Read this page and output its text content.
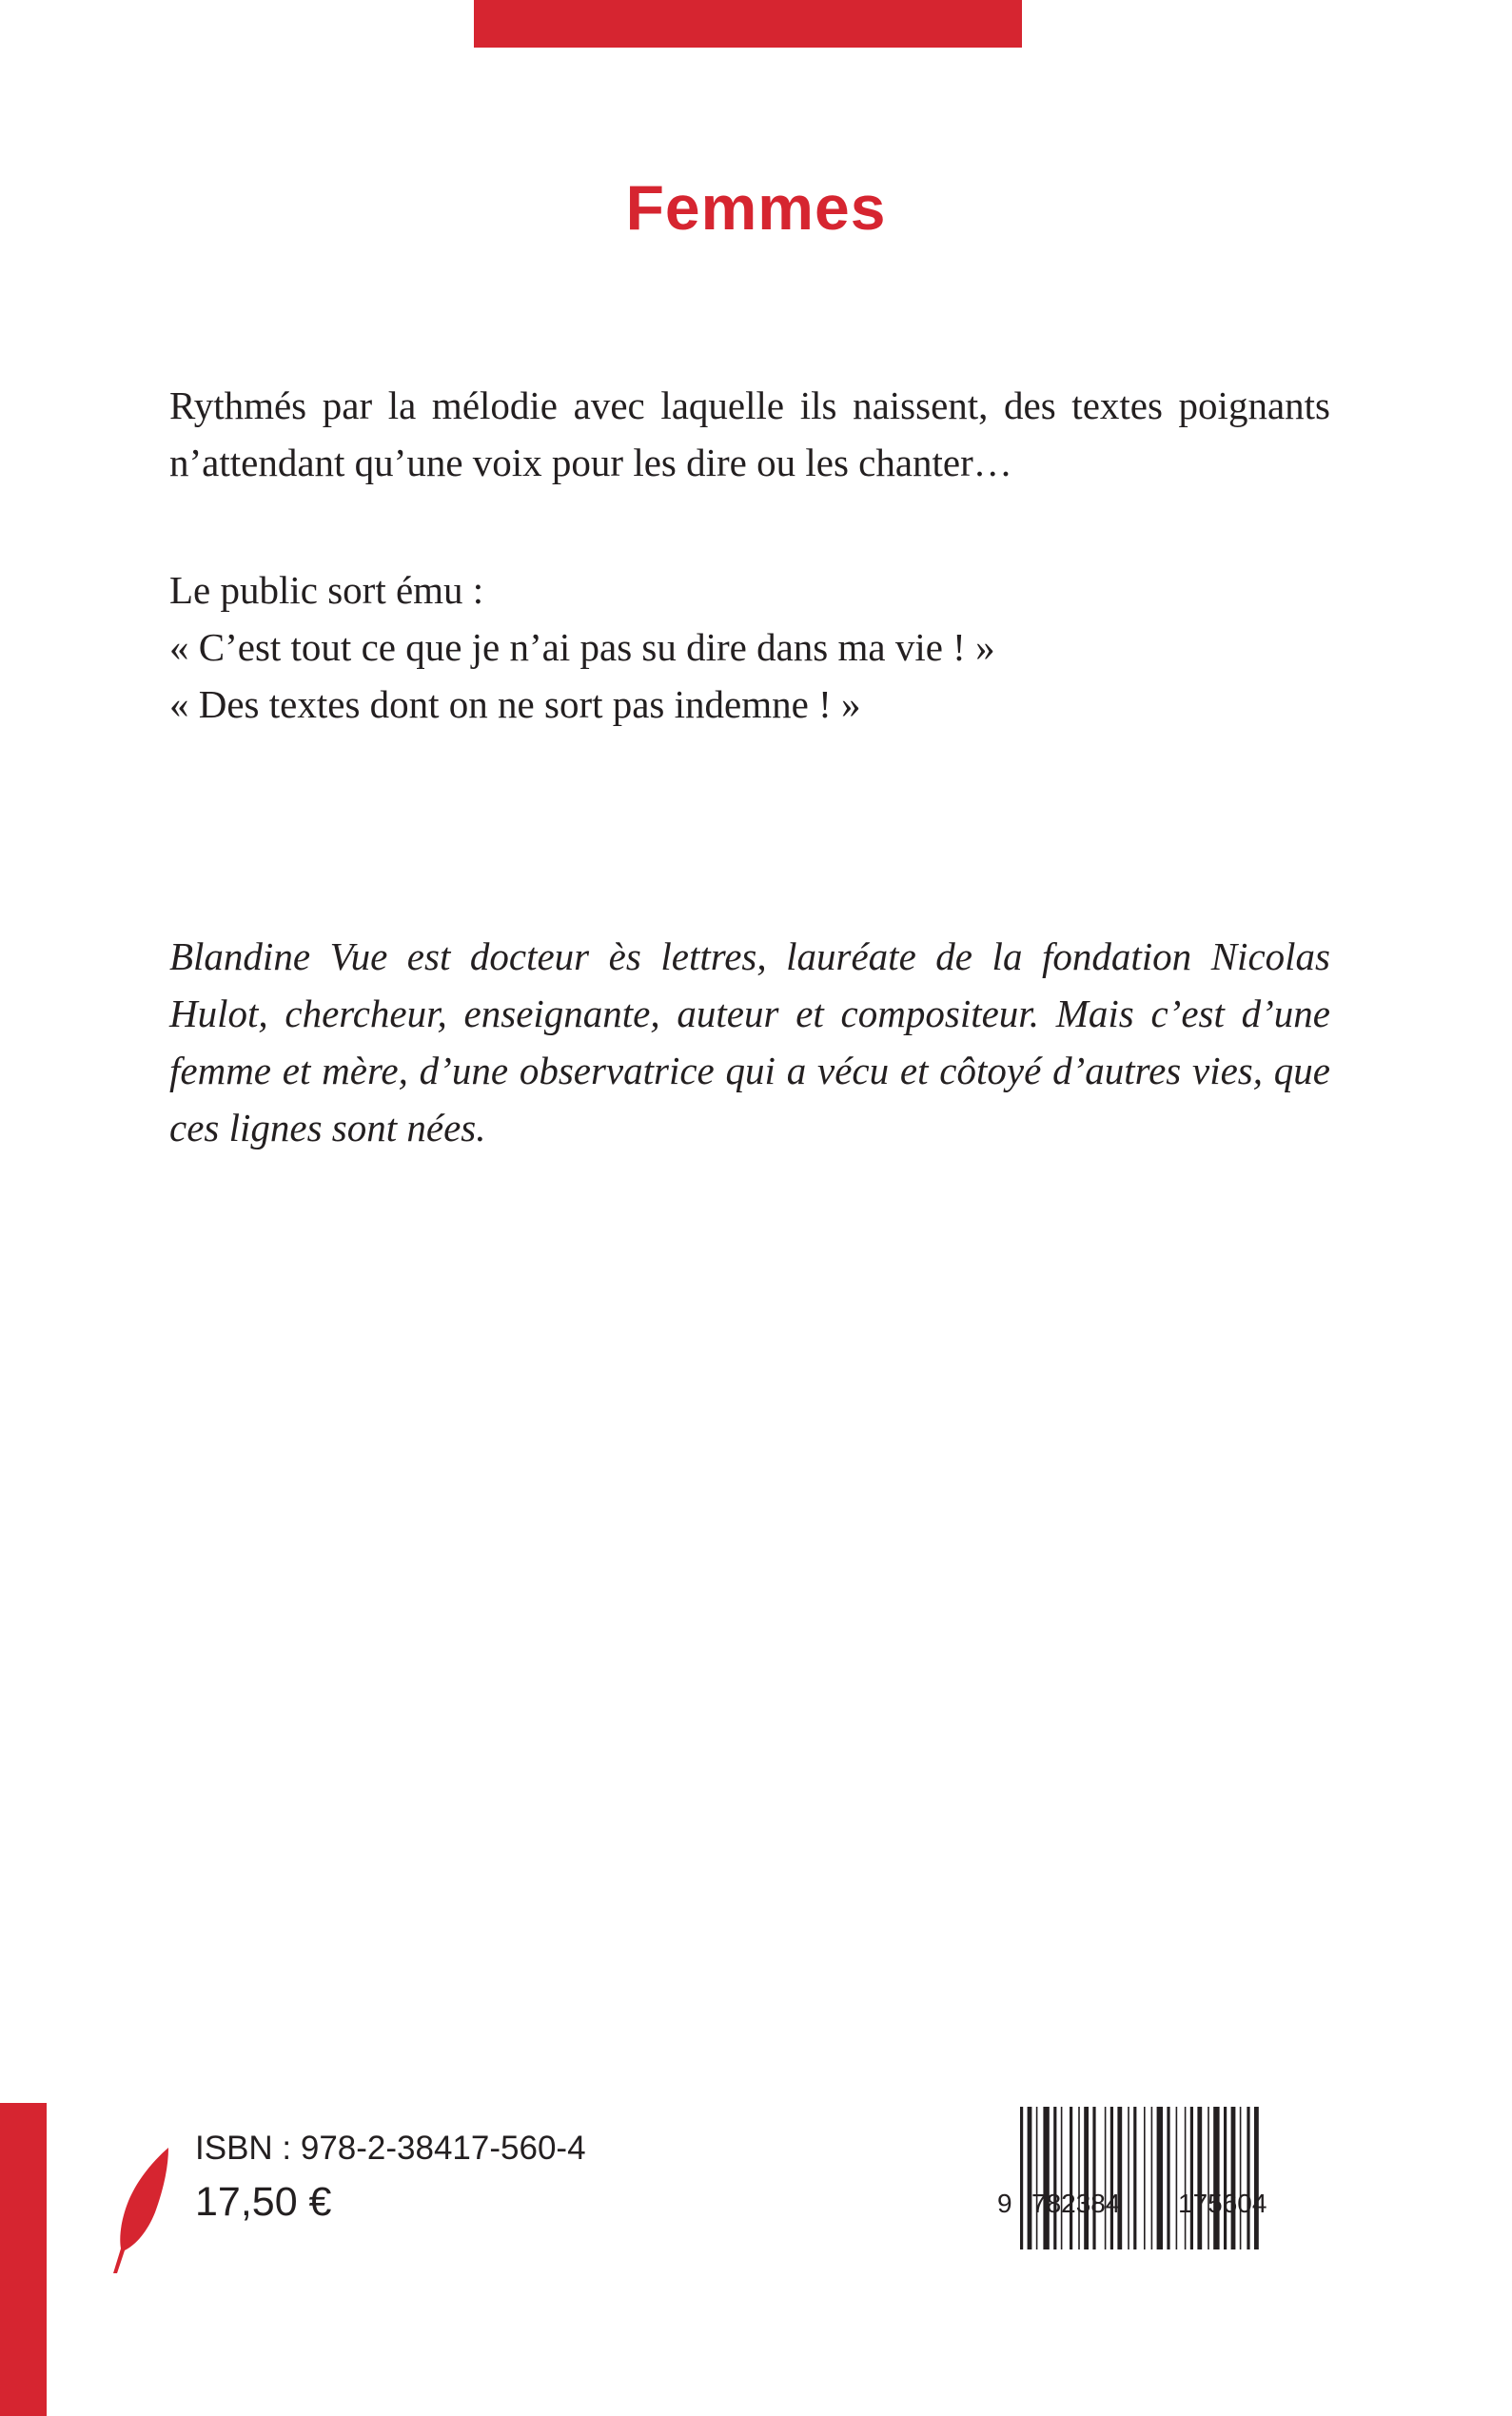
Femmes

Rythmés par la mélodie avec laquelle ils naissent, des textes poignants n’attendant qu’une voix pour les dire ou les chanter…

Le public sort ému :

« C’est tout ce que je n’ai pas su dire dans ma vie ! »

« Des textes dont on ne sort pas indemne ! »

Blandine Vue est docteur ès lettres, lauréate de la fondation Nicolas Hulot, chercheur, enseignante, auteur et compositeur. Mais c’est d’une femme et mère, d’une observatrice qui a vécu et côtoyé d’autres vies, que ces lignes sont nées.

ISBN : 978-2-38417-560-4
17,50 €	9 782384 175604
